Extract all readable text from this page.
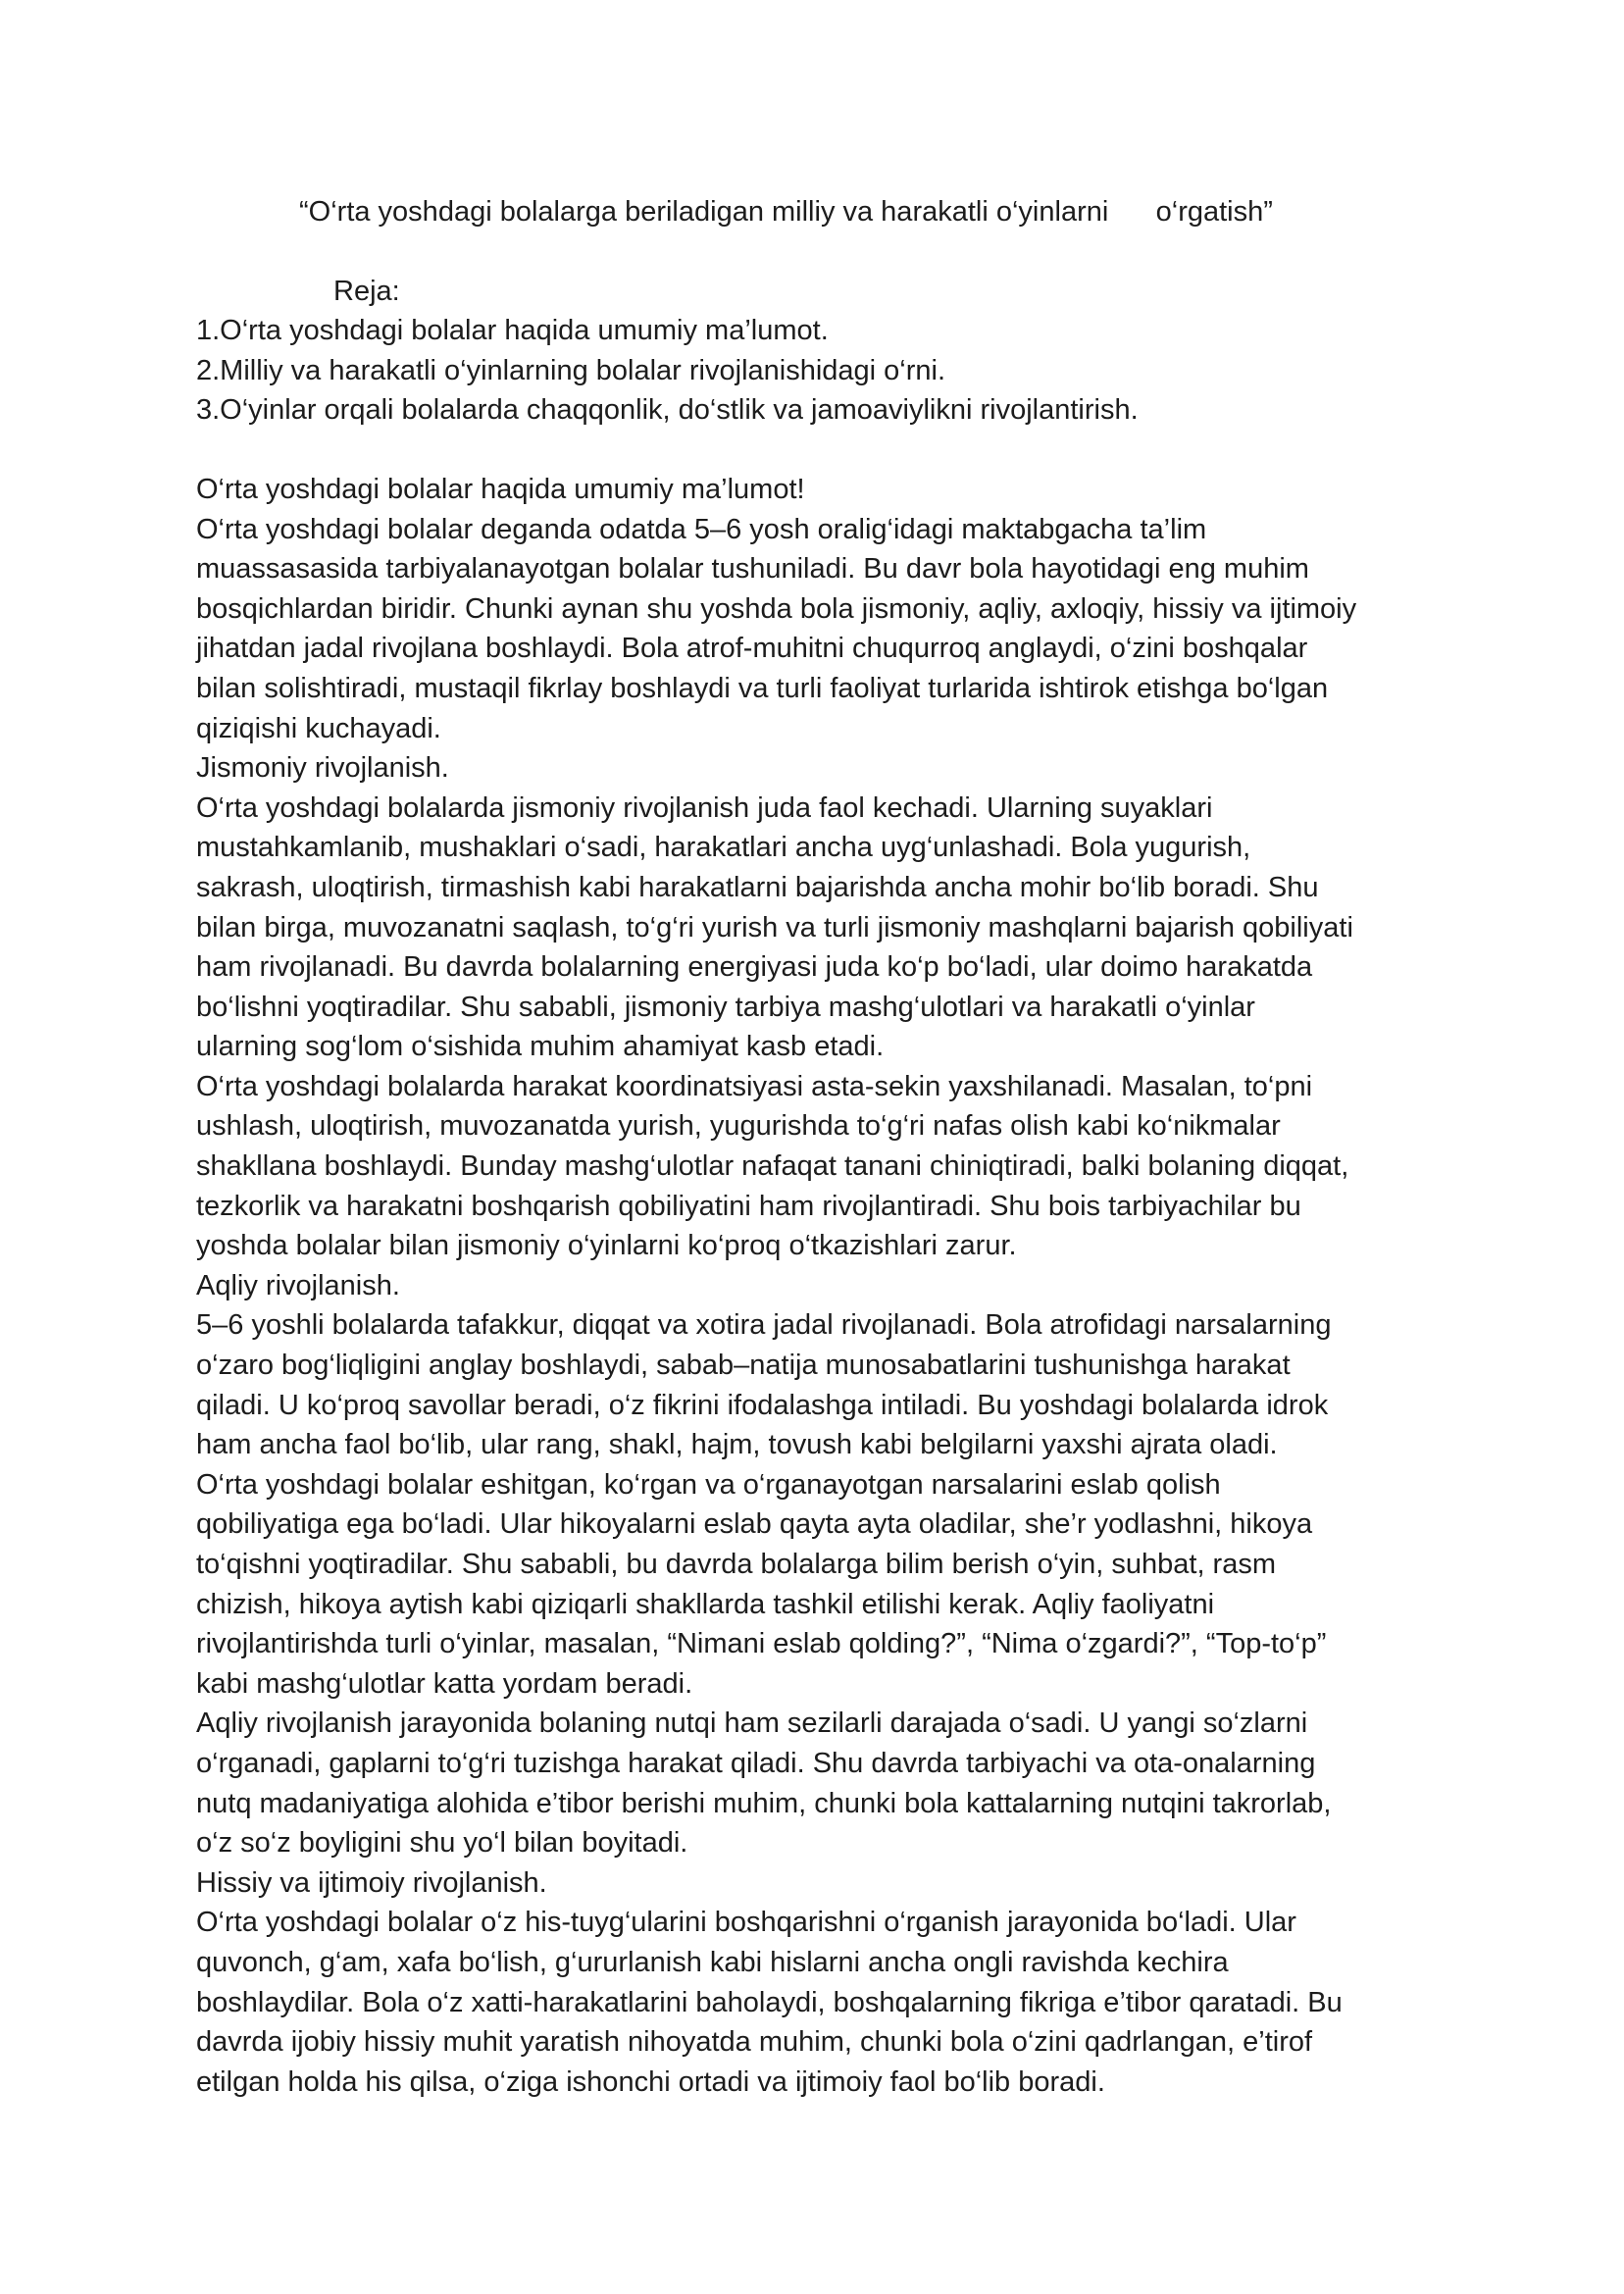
“O‘rta yoshdagi bolalarga beriladigan milliy va harakatli o‘yinlarni      o‘rgatish”
Reja:
1.O‘rta yoshdagi bolalar haqida umumiy ma’lumot.
2.Milliy va harakatli o‘yinlarning bolalar rivojlanishidagi o‘rni.
3.O‘yinlar orqali bolalarda chaqqonlik, do‘stlik va jamoaviylikni rivojlantirish.
O‘rta yoshdagi bolalar haqida umumiy ma’lumot!
O‘rta yoshdagi bolalar deganda odatda 5–6 yosh oralig‘idagi maktabgacha ta’lim
muassasasida tarbiyalanayotgan bolalar tushuniladi. Bu davr bola hayotidagi eng muhim
bosqichlardan biridir. Chunki aynan shu yoshda bola jismoniy, aqliy, axloqiy, hissiy va ijtimoiy
jihatdan jadal rivojlana boshlaydi. Bola atrof-muhitni chuqurroq anglaydi, o‘zini boshqalar
bilan solishtiradi, mustaqil fikrlay boshlaydi va turli faoliyat turlarida ishtirok etishga bo‘lgan
qiziqishi kuchayadi.
Jismoniy rivojlanish.
O‘rta yoshdagi bolalarda jismoniy rivojlanish juda faol kechadi. Ularning suyaklari
mustahkamlanib, mushaklari o‘sadi, harakatlari ancha uyg‘unlashadi. Bola yugurish,
sakrash, uloqtirish, tirmashish kabi harakatlarni bajarishda ancha mohir bo‘lib boradi. Shu
bilan birga, muvozanatni saqlash, to‘g‘ri yurish va turli jismoniy mashqlarni bajarish qobiliyati
ham rivojlanadi. Bu davrda bolalarning energiyasi juda ko‘p bo‘ladi, ular doimo harakatda
bo‘lishni yoqtiradilar. Shu sababli, jismoniy tarbiya mashg‘ulotlari va harakatli o‘yinlar
ularning sog‘lom o‘sishida muhim ahamiyat kasb etadi.
O‘rta yoshdagi bolalarda harakat koordinatsiyasi asta-sekin yaxshilanadi. Masalan, to‘pni
ushlash, uloqtirish, muvozanatda yurish, yugurishda to‘g‘ri nafas olish kabi ko‘nikmalar
shakllana boshlaydi. Bunday mashg‘ulotlar nafaqat tanani chiniqtiradi, balki bolaning diqqat,
tezkorlik va harakatni boshqarish qobiliyatini ham rivojlantiradi. Shu bois tarbiyachilar bu
yoshda bolalar bilan jismoniy o‘yinlarni ko‘proq o‘tkazishlari zarur.
Aqliy rivojlanish.
5–6 yoshli bolalarda tafakkur, diqqat va xotira jadal rivojlanadi. Bola atrofidagi narsalarning
o‘zaro bog‘liqligini anglay boshlaydi, sabab–natija munosabatlarini tushunishga harakat
qiladi. U ko‘proq savollar beradi, o‘z fikrini ifodalashga intiladi. Bu yoshdagi bolalarda idrok
ham ancha faol bo‘lib, ular rang, shakl, hajm, tovush kabi belgilarni yaxshi ajrata oladi.
O‘rta yoshdagi bolalar eshitgan, ko‘rgan va o‘rganayotgan narsalarini eslab qolish
qobiliyatiga ega bo‘ladi. Ular hikoyalarni eslab qayta ayta oladilar, she’r yodlashni, hikoya
to‘qishni yoqtiradilar. Shu sababli, bu davrda bolalarga bilim berish o‘yin, suhbat, rasm
chizish, hikoya aytish kabi qiziqarli shakllarda tashkil etilishi kerak. Aqliy faoliyatni
rivojlantirishda turli o‘yinlar, masalan, “Nimani eslab qolding?”, “Nima o‘zgardi?”, “Top-to‘p”
kabi mashg‘ulotlar katta yordam beradi.
Aqliy rivojlanish jarayonida bolaning nutqi ham sezilarli darajada o‘sadi. U yangi so‘zlarni
o‘rganadi, gaplarni to‘g‘ri tuzishga harakat qiladi. Shu davrda tarbiyachi va ota-onalarning
nutq madaniyatiga alohida e’tibor berishi muhim, chunki bola kattalarning nutqini takrorlab,
o‘z so‘z boyligini shu yo‘l bilan boyitadi.
Hissiy va ijtimoiy rivojlanish.
O‘rta yoshdagi bolalar o‘z his-tuyg‘ularini boshqarishni o‘rganish jarayonida bo‘ladi. Ular
quvonch, g‘am, xafa bo‘lish, g‘ururlanish kabi hislarni ancha ongli ravishda kechira
boshlaydilar. Bola o‘z xatti-harakatlarini baholaydi, boshqalarning fikriga e’tibor qaratadi. Bu
davrda ijobiy hissiy muhit yaratish nihoyatda muhim, chunki bola o‘zini qadrlangan, e’tirof
etilgan holda his qilsa, o‘ziga ishonchi ortadi va ijtimoiy faol bo‘lib boradi.
